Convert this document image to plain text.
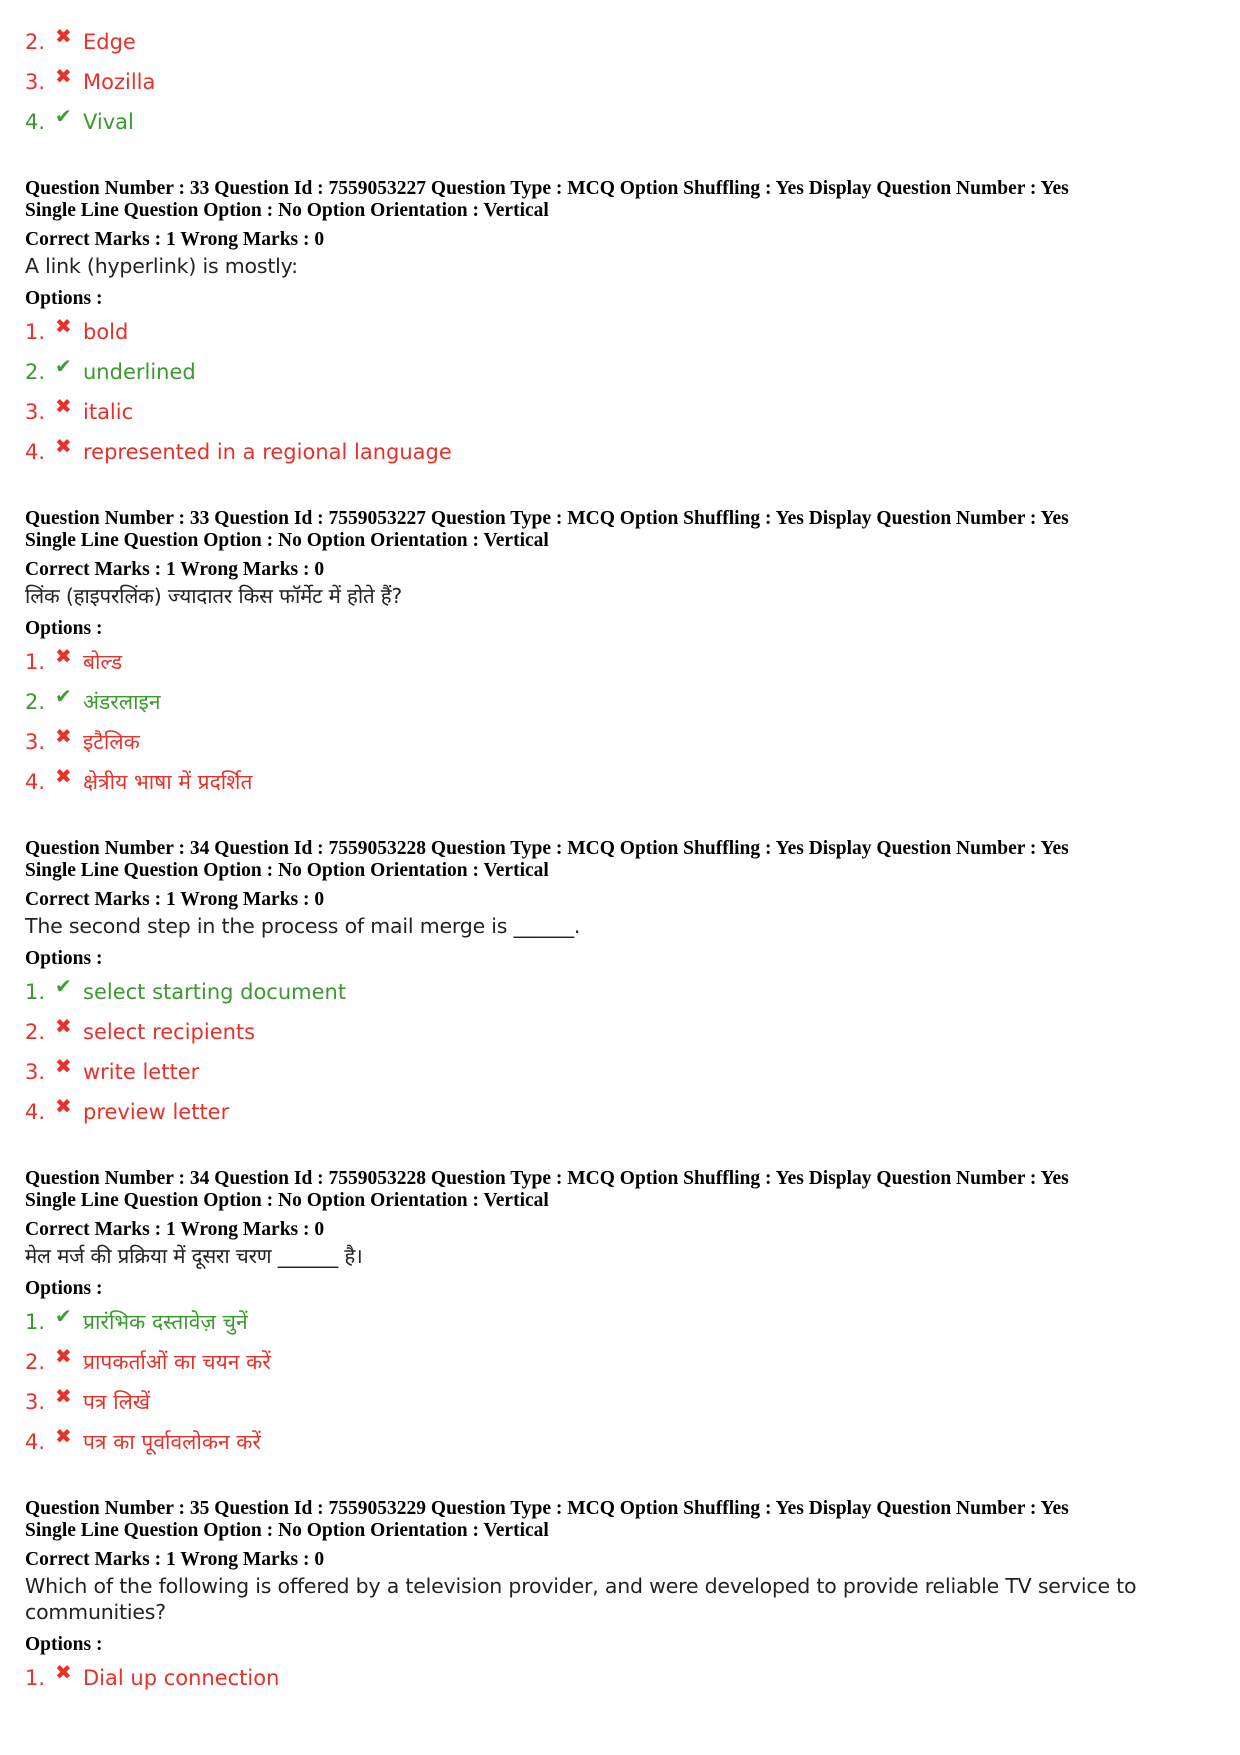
2. ✖ Edge
3. ✖ Mozilla
4. ✔ Vival
Question Number : 33 Question Id : 7559053227 Question Type : MCQ Option Shuffling : Yes Display Question Number : Yes
Single Line Question Option : No Option Orientation : Vertical
Correct Marks : 1 Wrong Marks : 0
A link (hyperlink) is mostly:
Options :
1. ✖ bold
2. ✔ underlined
3. ✖ italic
4. ✖ represented in a regional language
Question Number : 33 Question Id : 7559053227 Question Type : MCQ Option Shuffling : Yes Display Question Number : Yes
Single Line Question Option : No Option Orientation : Vertical
Correct Marks : 1 Wrong Marks : 0
लिंक (हाइपरलिंक) ज्यादातर किस फॉर्मेट में होते हैं?
Options :
1. ✖ बोल्ड
2. ✔ अंडरलाइन
3. ✖ इटैलिक
4. ✖ क्षेत्रीय भाषा में प्रदर्शित
Question Number : 34 Question Id : 7559053228 Question Type : MCQ Option Shuffling : Yes Display Question Number : Yes
Single Line Question Option : No Option Orientation : Vertical
Correct Marks : 1 Wrong Marks : 0
The second step in the process of mail merge is ______.
Options :
1. ✔ select starting document
2. ✖ select recipients
3. ✖ write letter
4. ✖ preview letter
Question Number : 34 Question Id : 7559053228 Question Type : MCQ Option Shuffling : Yes Display Question Number : Yes
Single Line Question Option : No Option Orientation : Vertical
Correct Marks : 1 Wrong Marks : 0
मेल मर्ज की प्रक्रिया में दूसरा चरण ______ है।
Options :
1. ✔ प्रारंभिक दस्तावेज़ चुनें
2. ✖ प्रापकर्ताओं का चयन करें
3. ✖ पत्र लिखें
4. ✖ पत्र का पूर्वावलोकन करें
Question Number : 35 Question Id : 7559053229 Question Type : MCQ Option Shuffling : Yes Display Question Number : Yes
Single Line Question Option : No Option Orientation : Vertical
Correct Marks : 1 Wrong Marks : 0
Which of the following is offered by a television provider, and were developed to provide reliable TV service to communities?
Options :
1. ✖ Dial up connection
